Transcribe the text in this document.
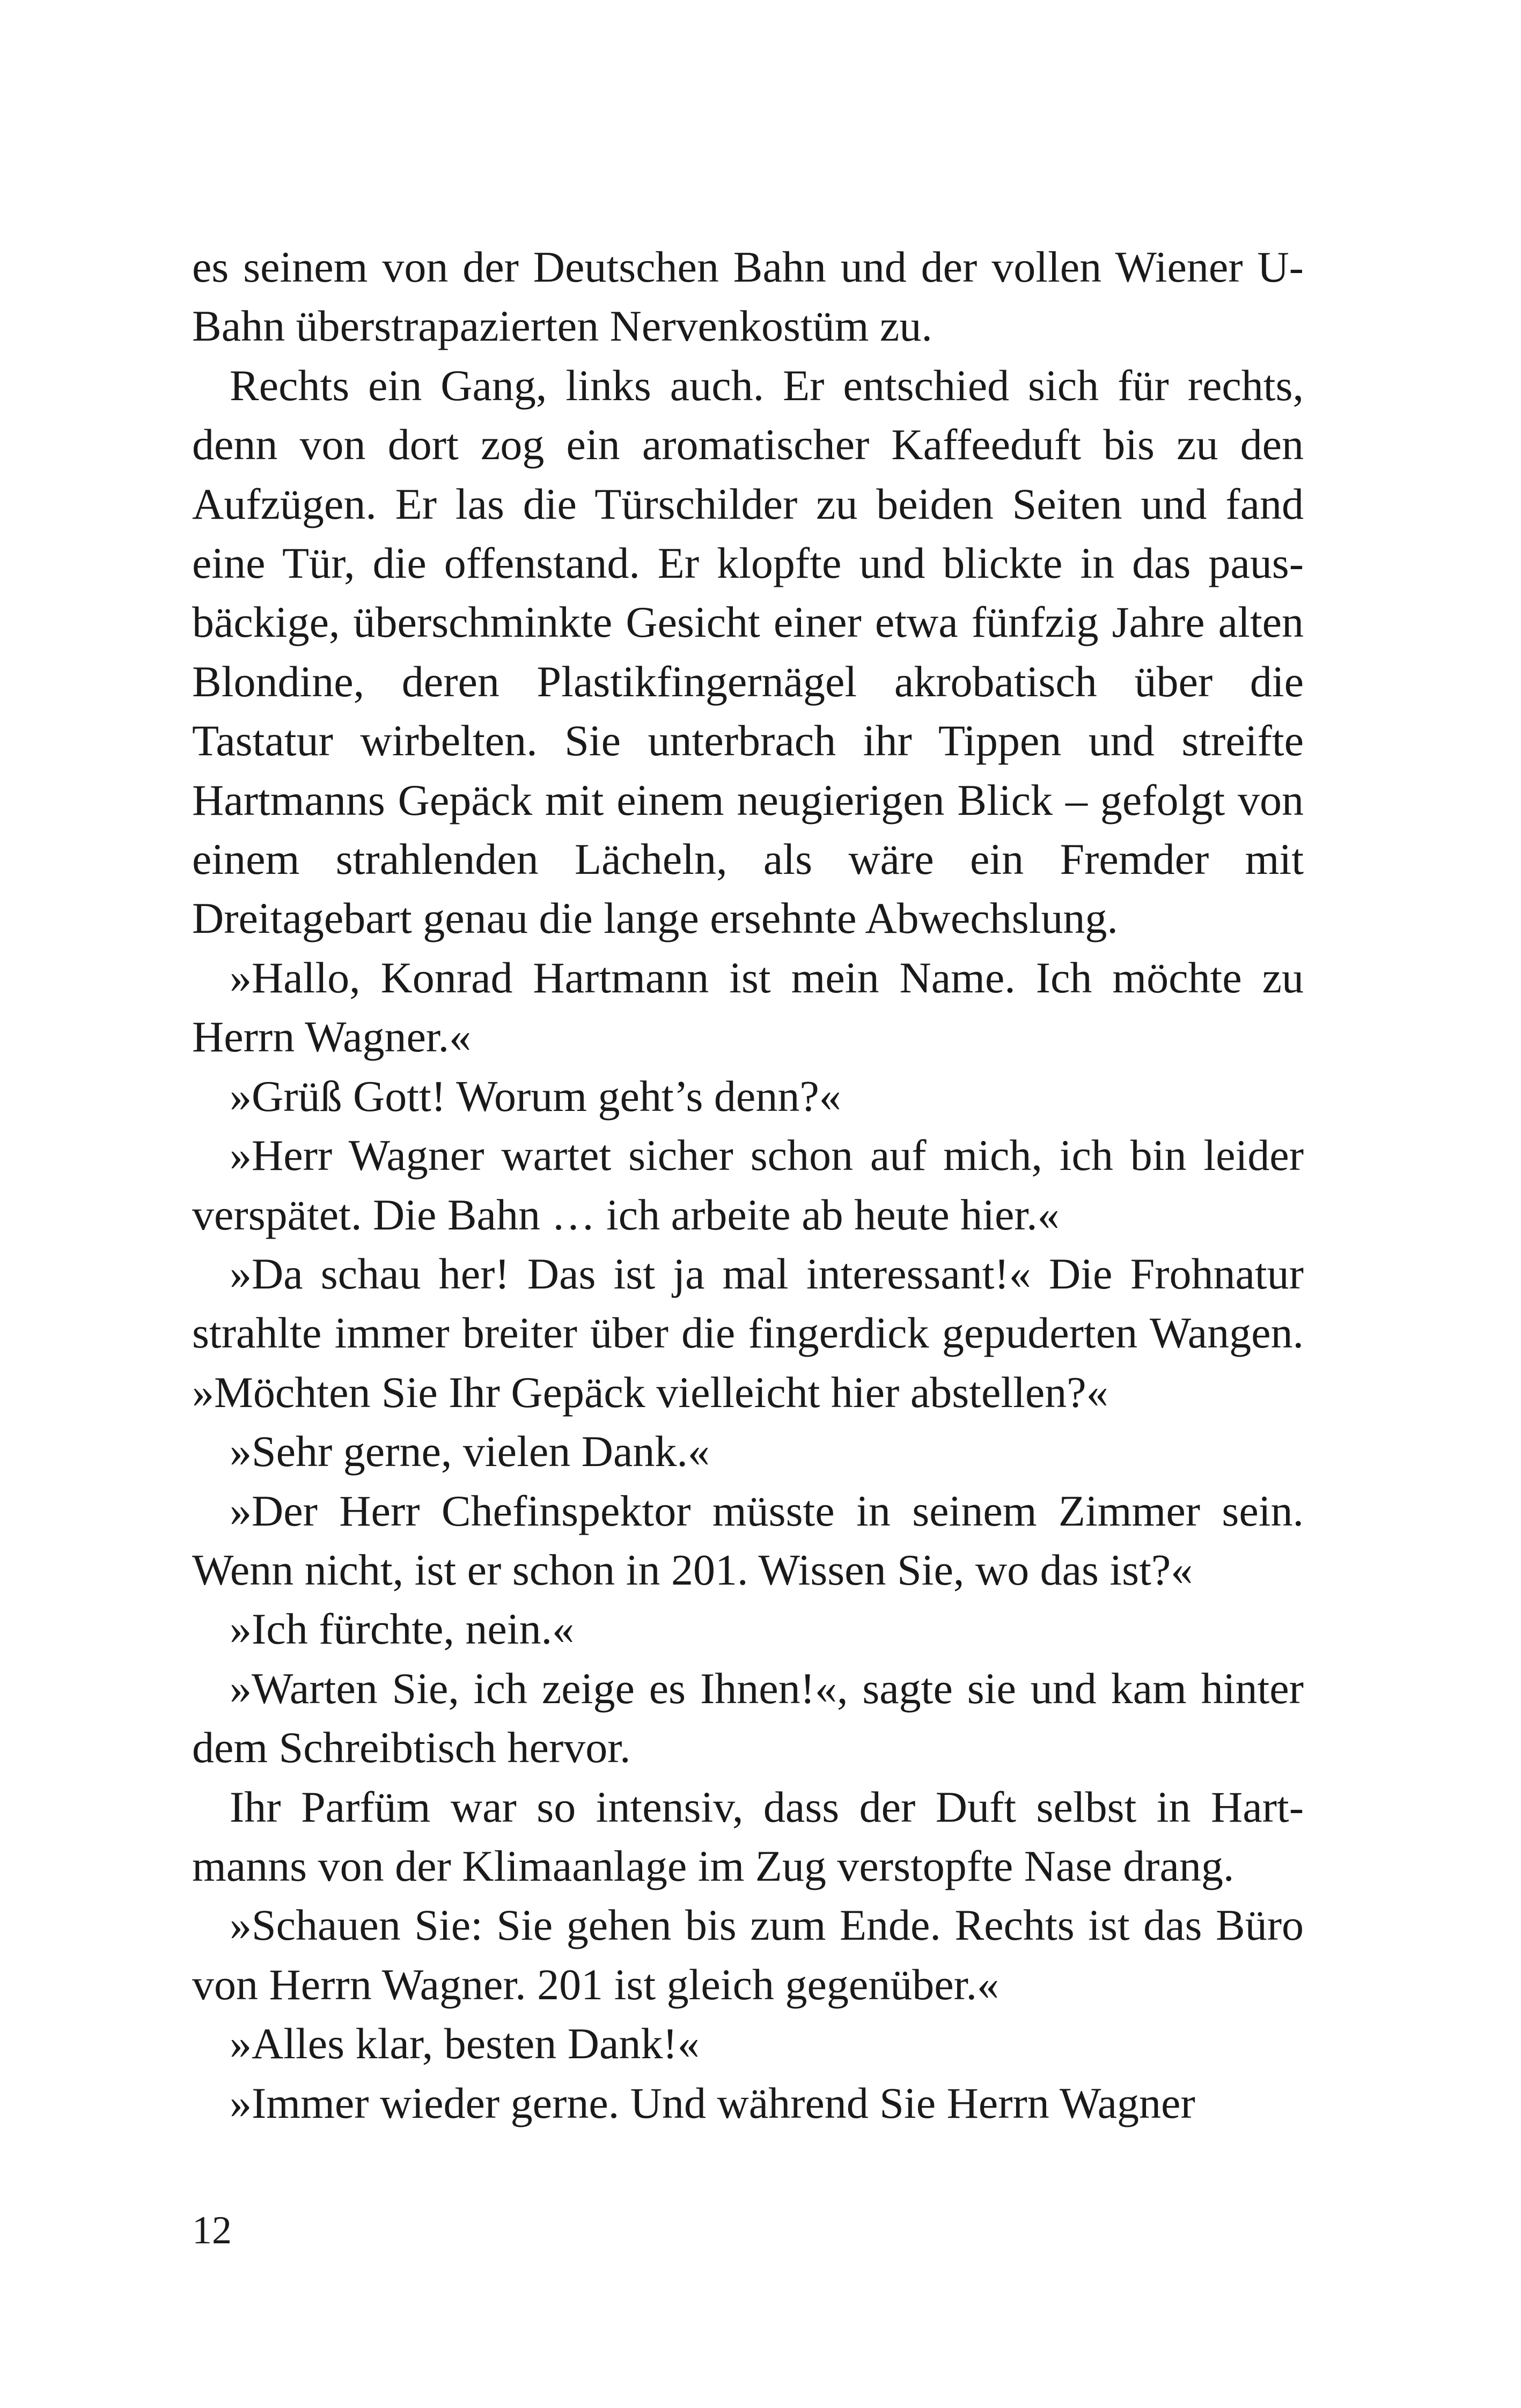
es seinem von der Deutschen Bahn und der vollen Wiener U-Bahn überstrapazierten Nervenkostüm zu.

Rechts ein Gang, links auch. Er entschied sich für rechts, denn von dort zog ein aromatischer Kaffeeduft bis zu den Aufzügen. Er las die Türschilder zu beiden Seiten und fand eine Tür, die offenstand. Er klopfte und blickte in das pausbäckige, überschminkte Gesicht einer etwa fünfzig Jahre alten Blondine, deren Plastikfingernägel akrobatisch über die Tastatur wirbelten. Sie unterbrach ihr Tippen und streifte Hartmanns Gepäck mit einem neugierigen Blick – gefolgt von einem strahlenden Lächeln, als wäre ein Fremder mit Dreitagebart genau die lange ersehnte Abwechslung.

»Hallo, Konrad Hartmann ist mein Name. Ich möchte zu Herrn Wagner.«

»Grüß Gott! Worum geht’s denn?«

»Herr Wagner wartet sicher schon auf mich, ich bin leider verspätet. Die Bahn … ich arbeite ab heute hier.«

»Da schau her! Das ist ja mal interessant!« Die Frohnatur strahlte immer breiter über die fingerdick gepuderten Wangen. »Möchten Sie Ihr Gepäck vielleicht hier abstellen?«

»Sehr gerne, vielen Dank.«

»Der Herr Chefinspektor müsste in seinem Zimmer sein. Wenn nicht, ist er schon in 201. Wissen Sie, wo das ist?«

»Ich fürchte, nein.«

»Warten Sie, ich zeige es Ihnen!«, sagte sie und kam hinter dem Schreibtisch hervor.

Ihr Parfüm war so intensiv, dass der Duft selbst in Hartmanns von der Klimaanlage im Zug verstopfte Nase drang.

»Schauen Sie: Sie gehen bis zum Ende. Rechts ist das Büro von Herrn Wagner. 201 ist gleich gegenüber.«

»Alles klar, besten Dank!«

»Immer wieder gerne. Und während Sie Herrn Wagner

12
